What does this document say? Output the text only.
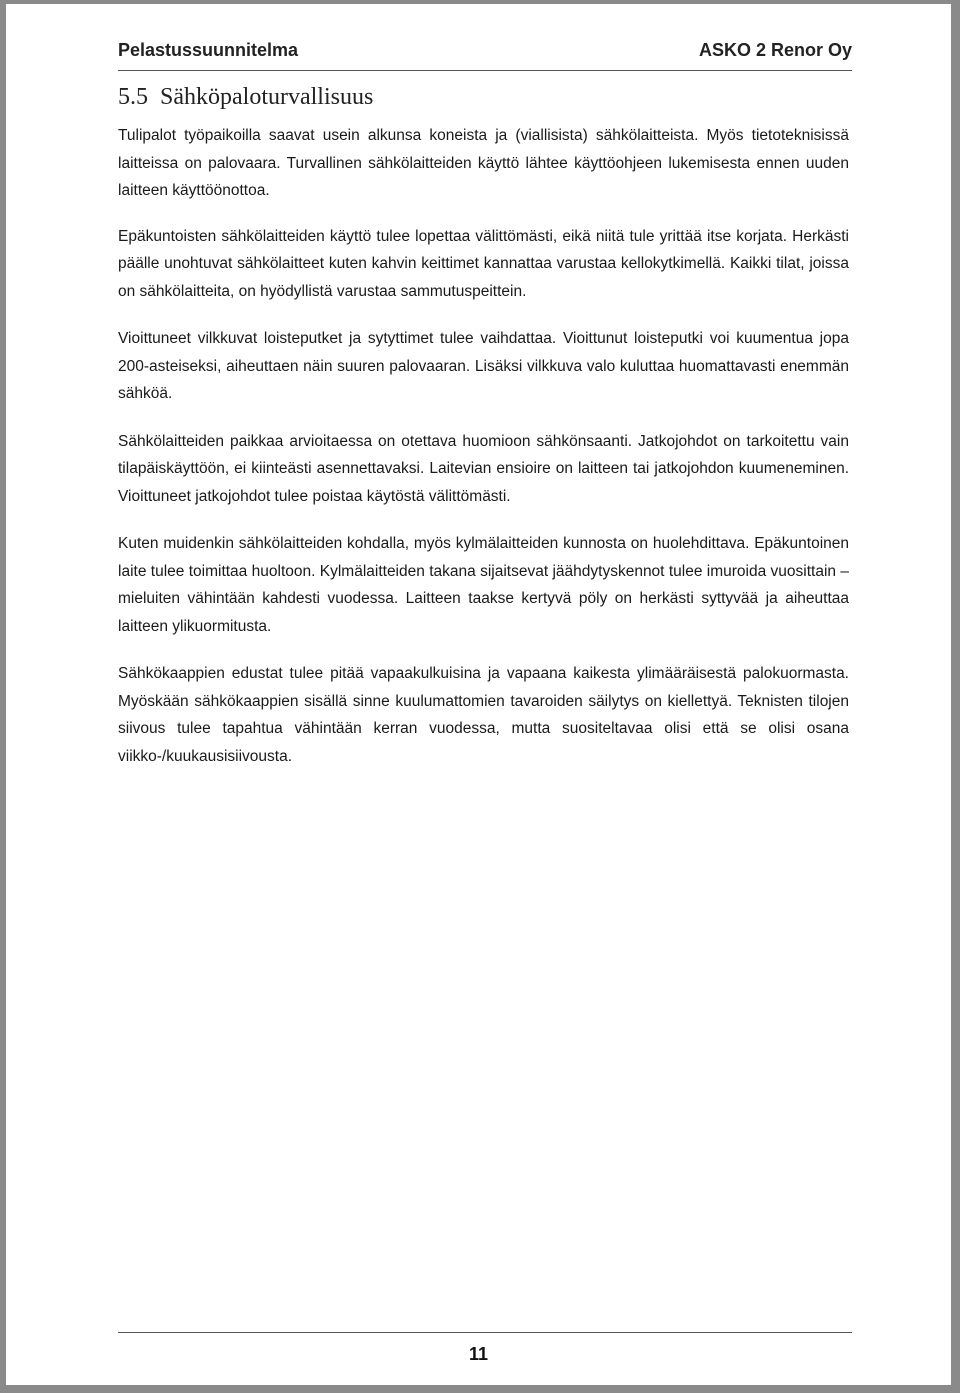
Pelastussuunnitelma	ASKO 2 Renor Oy
5.5 Sähköpaloturvallisuus

Tulipalot työpaikoilla saavat usein alkunsa koneista ja (viallisista) sähkölaitteista. Myös tietoteknisissä laitteissa on palovaara. Turvallinen sähkölaitteiden käyttö lähtee käyttöohjeen lukemisesta ennen uuden laitteen käyttöönottoa.

Epäkuntoisten sähkölaitteiden käyttö tulee lopettaa välittömästi, eikä niitä tule yrittää itse korjata. Herkästi päälle unohtuvat sähkölaitteet kuten kahvin keittimet kannattaa varustaa kellokytkimellä. Kaikki tilat, joissa on sähkölaitteita, on hyödyllistä varustaa sammutuspeittein.

Vioittuneet vilkkuvat loisteputket ja sytyttimet tulee vaihdattaa. Vioittunut loisteputki voi kuumentua jopa 200-asteiseksi, aiheuttaen näin suuren palovaaran. Lisäksi vilkkuva valo kuluttaa huomattavasti enemmän sähköä.

Sähkölaitteiden paikkaa arvioitaessa on otettava huomioon sähkönsaanti. Jatkojohdot on tarkoitettu vain tilapäiskäyttöön, ei kiinteästi asennettavaksi. Laitevian ensioire on laitteen tai jatkojohdon kuumeneminen. Vioittuneet jatkojohdot tulee poistaa käytöstä välittömästi.

Kuten muidenkin sähkölaitteiden kohdalla, myös kylmälaitteiden kunnosta on huolehdittava. Epäkuntoinen laite tulee toimittaa huoltoon. Kylmälaitteiden takana sijaitsevat jäähdytyskennot tulee imuroida vuosittain – mieluiten vähintään kahdesti vuodessa. Laitteen taakse kertyvä pöly on herkästi syttyvää ja aiheuttaa laitteen ylikuormitusta.

Sähkökaappien edustat tulee pitää vapaakulkuisina ja vapaana kaikesta ylimääräisestä palokuormasta. Myöskään sähkökaappien sisällä sinne kuulumattomien tavaroiden säilytys on kiellettyä. Teknisten tilojen siivous tulee tapahtua vähintään kerran vuodessa, mutta suositeltavaa olisi että se olisi osana viikko-/kuukausisiivousta.

11
